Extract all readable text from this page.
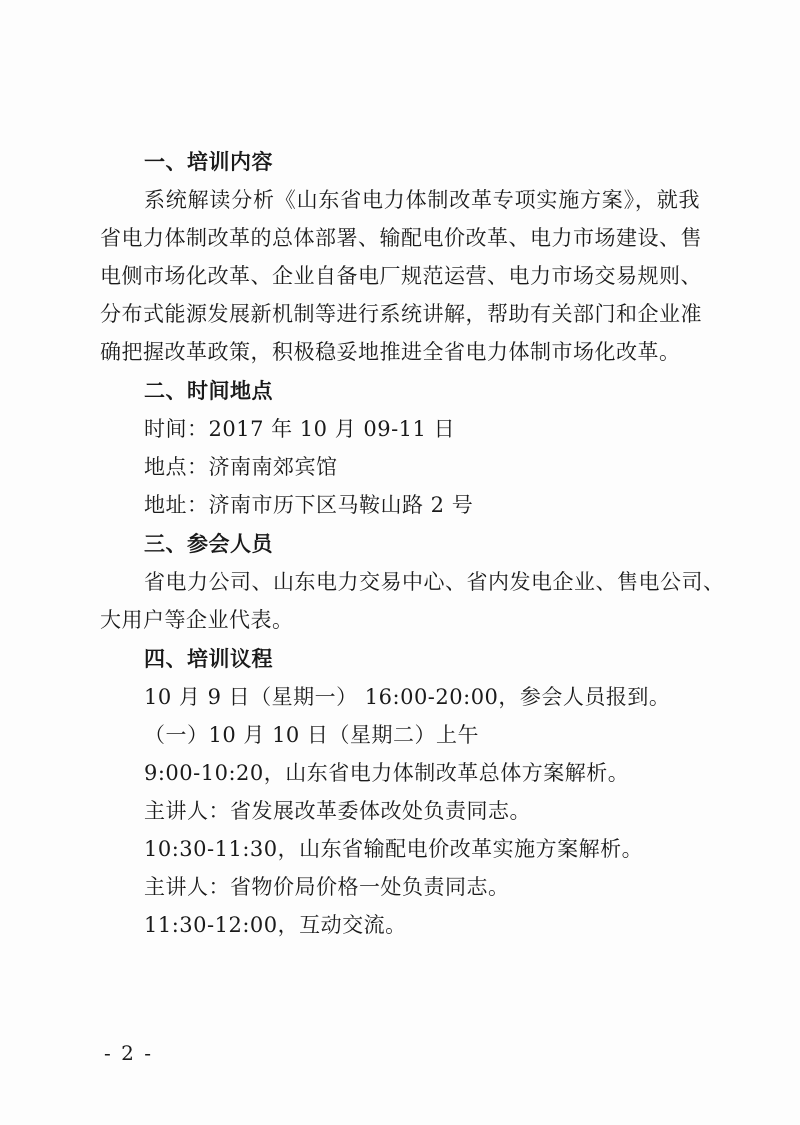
一、培训内容
系统解读分析《山东省电力体制改革专项实施方案》，就我
省电力体制改革的总体部署、输配电价改革、电力市场建设、售
电侧市场化改革、企业自备电厂规范运营、电力市场交易规则、
分布式能源发展新机制等进行系统讲解，帮助有关部门和企业准
确把握改革政策，积极稳妥地推进全省电力体制市场化改革。
二、时间地点
时间：2017 年 10 月 09-11 日
地点：济南南郊宾馆
地址：济南市历下区马鞍山路 2 号
三、参会人员
省电力公司、山东电力交易中心、省内发电企业、售电公司、
大用户等企业代表。
四、培训议程
10 月 9 日（星期一） 16:00-20:00，参会人员报到。
（一）10 月 10 日（星期二）上午
9:00-10:20，山东省电力体制改革总体方案解析。
主讲人：省发展改革委体改处负责同志。
10:30-11:30，山东省输配电价改革实施方案解析。
主讲人：省物价局价格一处负责同志。
11:30-12:00，互动交流。
- 2 -
